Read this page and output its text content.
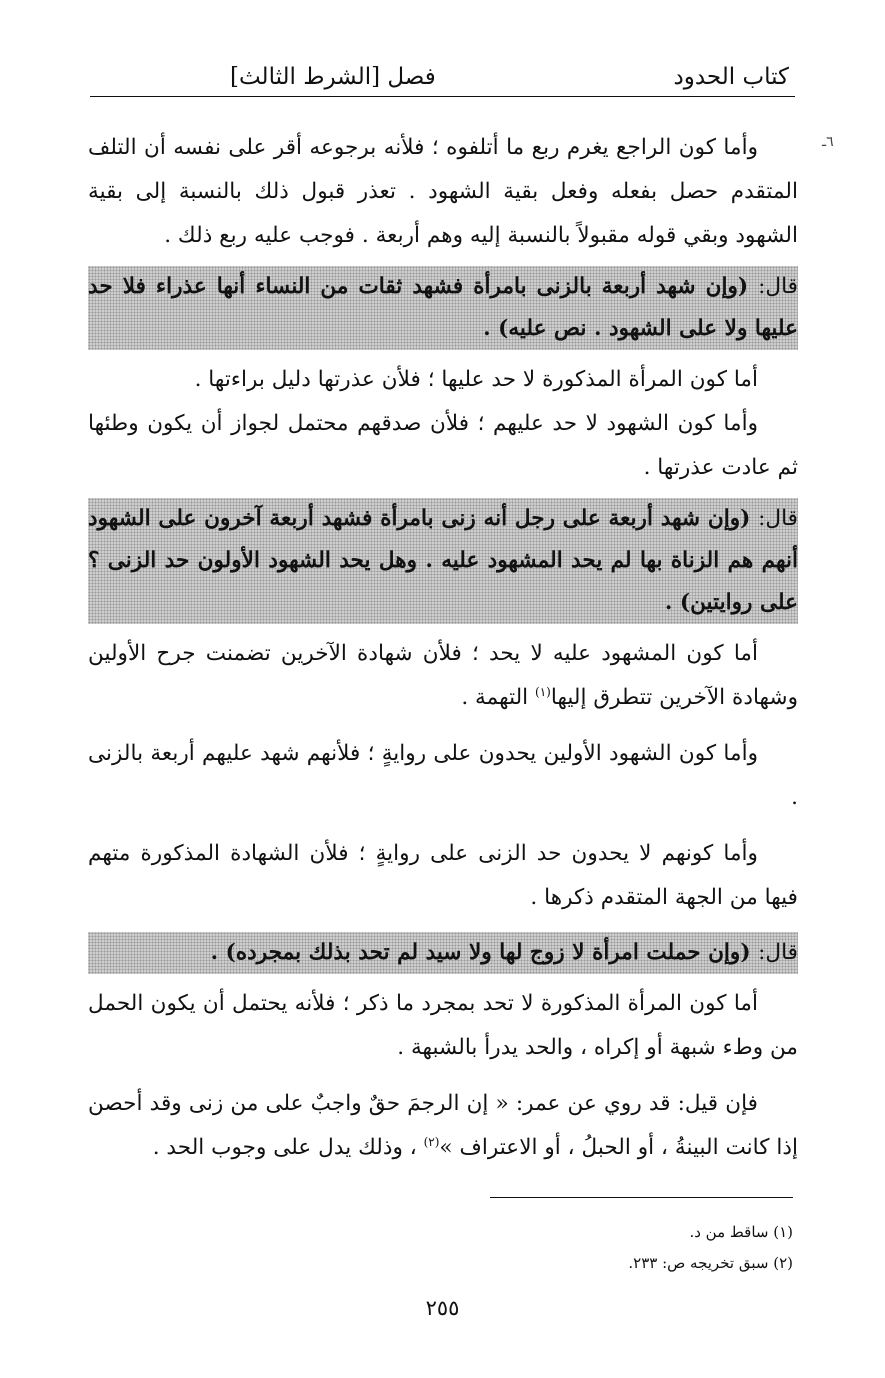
كتاب الحدود
فصل [الشرط الثالث]
٦ـ

وأما كون الراجع يغرم ربع ما أتلفوه ؛ فلأنه برجوعه أقر على نفسه أن التلف المتقدم حصل بفعله وفعل بقية الشهود . تعذر قبول ذلك بالنسبة إلى بقية الشهود وبقي قوله مقبولاً بالنسبة إليه وهم أربعة . فوجب عليه ربع ذلك .

قال: (وإن شهد أربعة بالزنى بامرأة فشهد ثقات من النساء أنها عذراء فلا حد عليها ولا على الشهود . نص عليه) .

أما كون المرأة المذكورة لا حد عليها ؛ فلأن عذرتها دليل براءتها .

وأما كون الشهود لا حد عليهم ؛ فلأن صدقهم محتمل لجواز أن يكون وطئها ثم عادت عذرتها .

قال: (وإن شهد أربعة على رجل أنه زنى بامرأة فشهد أربعة آخرون على الشهود أنهم هم الزناة بها لم يحد المشهود عليه . وهل يحد الشهود الأولون حد الزنى ؟ على روايتين) .

أما كون المشهود عليه لا يحد ؛ فلأن شهادة الآخرين تضمنت جرح الأولين وشهادة الآخرين تتطرق إليها$^{(١)}$ التهمة .

وأما كون الشهود الأولين يحدون على روايةٍ ؛ فلأنهم شهد عليهم أربعة بالزنى .

وأما كونهم لا يحدون حد الزنى على روايةٍ ؛ فلأن الشهادة المذكورة متهم فيها من الجهة المتقدم ذكرها .

قال: (وإن حملت امرأة لا زوج لها ولا سيد لم تحد بذلك بمجرده) .

أما كون المرأة المذكورة لا تحد بمجرد ما ذكر ؛ فلأنه يحتمل أن يكون الحمل من وطء شبهة أو إكراه ، والحد يدرأ بالشبهة .

فإن قيل: قد روي عن عمر: « إن الرجمَ حقٌ واجبٌ على من زنى وقد أحصن إذا كانت البينةُ ، أو الحبلُ ، أو الاعتراف »$^{(٢)}$ ، وذلك يدل على وجوب الحد .

(١) ساقط من د.
(٢) سبق تخريجه ص: ٢٣٣.
٢٥٥
